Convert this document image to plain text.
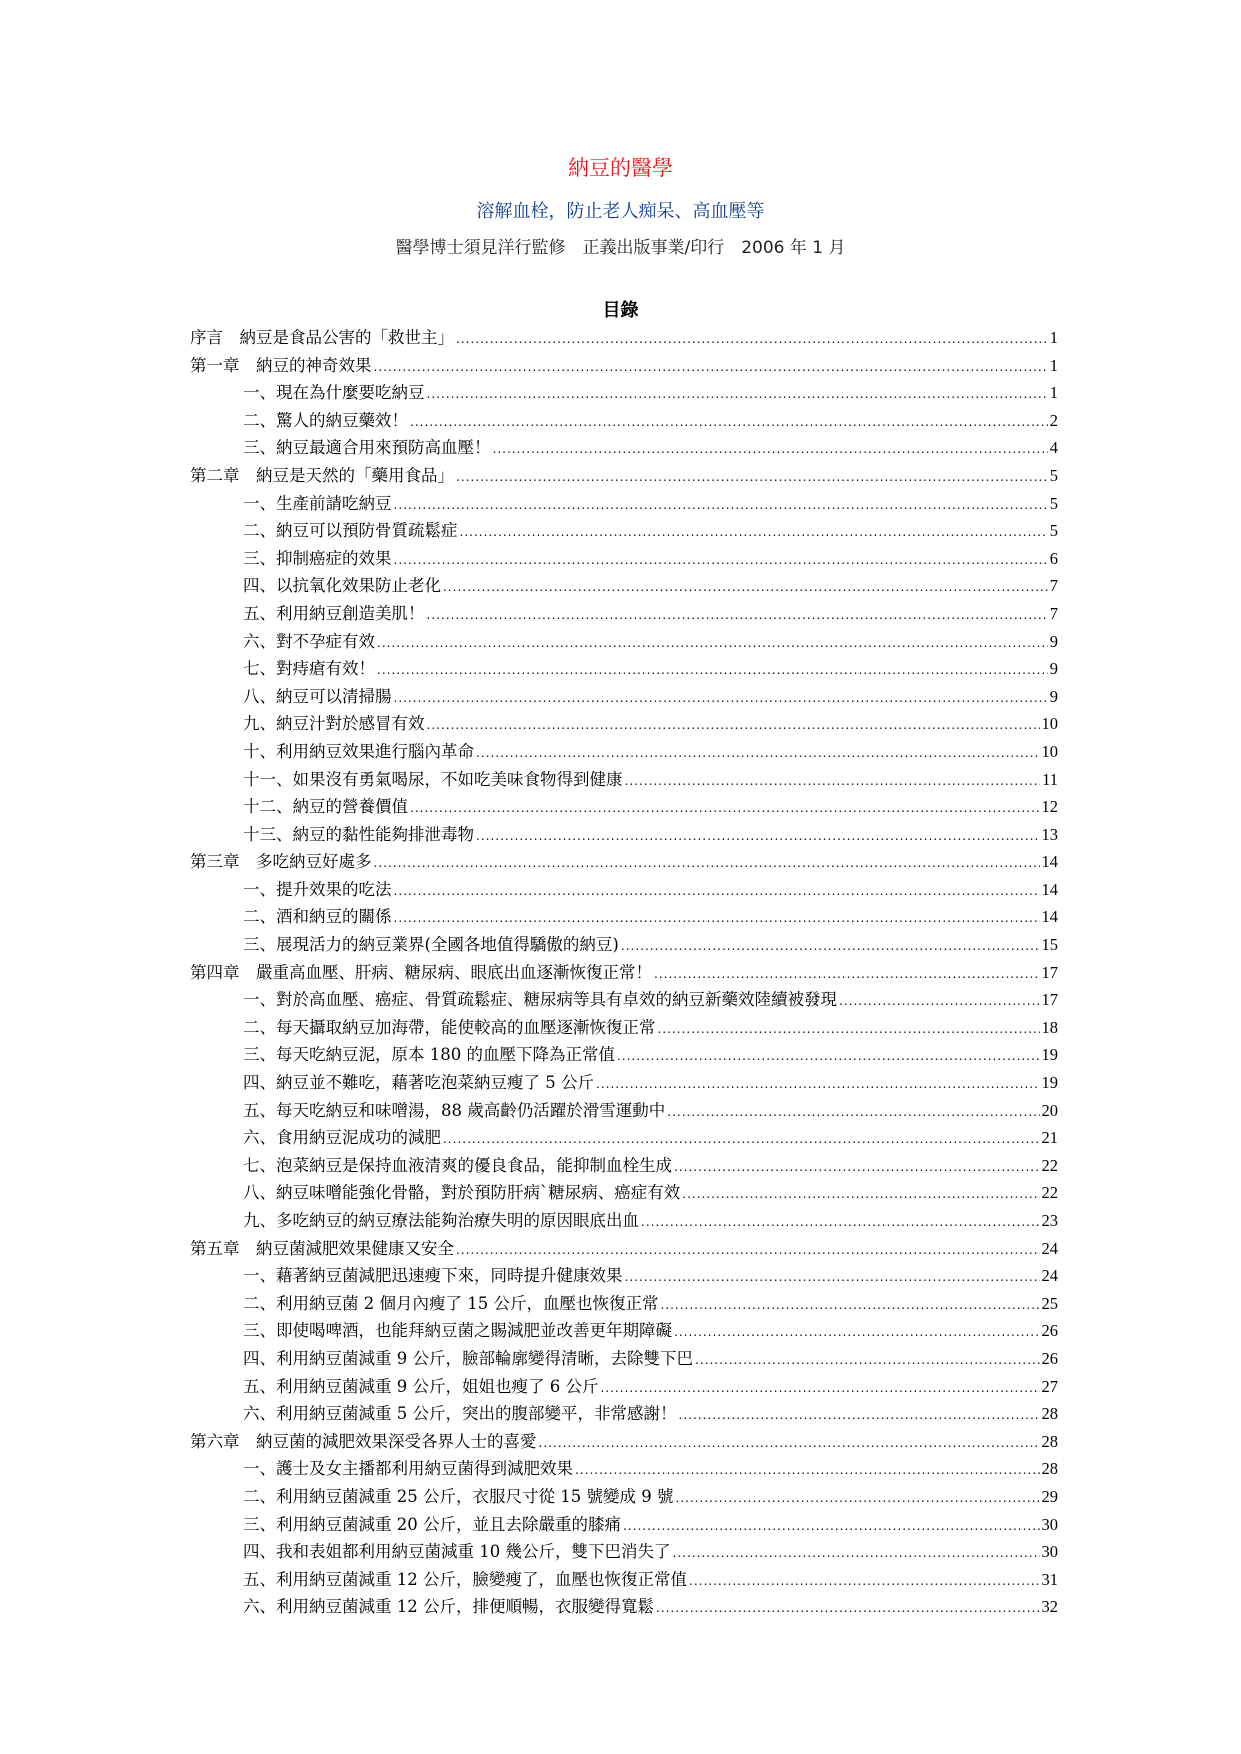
納豆的醫學
溶解血栓，防止老人痴呆、高血壓等
醫學博士須見洋行監修　正義出版事業/印行　2006 年 1 月
目錄
序言　納豆是食品公害的「救世主」 .....	1
第一章　納豆的神奇效果 .....	1
一、現在為什麼要吃納豆 .....	1
二、驚人的納豆藥效！ .....	2
三、納豆最適合用來預防高血壓！ .....	4
第二章　納豆是天然的「藥用食品」 .....	5
一、生產前請吃納豆 .....	5
二、納豆可以預防骨質疏鬆症 .....	5
三、抑制癌症的效果 .....	6
四、以抗氧化效果防止老化 .....	7
五、利用納豆創造美肌！ .....	7
六、對不孕症有效 .....	9
七、對痔瘡有效！ .....	9
八、納豆可以清掃腸 .....	9
九、納豆汁對於感冒有效 .....	10
十、利用納豆效果進行腦內革命 .....	10
十一、如果沒有勇氣喝尿，不如吃美味食物得到健康 .....	11
十二、納豆的營養價值 .....	12
十三、納豆的黏性能夠排泄毒物 .....	13
第三章　多吃納豆好處多 .....	14
一、提升效果的吃法 .....	14
二、酒和納豆的關係 .....	14
三、展現活力的納豆業界(全國各地值得驕傲的納豆) .....	15
第四章　嚴重高血壓、肝病、糖尿病、眼底出血逐漸恢復正常！ .....	17
一、對於高血壓、癌症、骨質疏鬆症、糖尿病等具有卓效的納豆新藥效陸續被發現 .....	17
二、每天攝取納豆加海帶，能使較高的血壓逐漸恢復正常 .....	18
三、每天吃納豆泥，原本 180 的血壓下降為正常值 .....	19
四、納豆並不難吃，藉著吃泡菜納豆瘦了 5 公斤 .....	19
五、每天吃納豆和味噌湯，88 歲高齡仍活躍於滑雪運動中 .....	20
六、食用納豆泥成功的減肥 .....	21
七、泡菜納豆是保持血液清爽的優良食品，能抑制血栓生成 .....	22
八、納豆味噌能強化骨骼，對於預防肝病`糖尿病、癌症有效 .....	22
九、多吃納豆的納豆療法能夠治療失明的原因眼底出血 .....	23
第五章　納豆菌減肥效果健康又安全 .....	24
一、藉著納豆菌減肥迅速瘦下來，同時提升健康效果 .....	24
二、利用納豆菌 2 個月內瘦了 15 公斤，血壓也恢復正常 .....	25
三、即使喝啤酒，也能拜納豆菌之賜減肥並改善更年期障礙 .....	26
四、利用納豆菌減重 9 公斤，臉部輪廓變得清晰，去除雙下巴 .....	26
五、利用納豆菌減重 9 公斤，姐姐也瘦了 6 公斤 .....	27
六、利用納豆菌減重 5 公斤，突出的腹部變平，非常感謝！ .....	28
第六章　納豆菌的減肥效果深受各界人士的喜愛 .....	28
一、護士及女主播都利用納豆菌得到減肥效果 .....	28
二、利用納豆菌減重 25 公斤，衣服尺寸從 15 號變成 9 號 .....	29
三、利用納豆菌減重 20 公斤，並且去除嚴重的膝痛 .....	30
四、我和表姐都利用納豆菌減重 10 幾公斤，雙下巴消失了 .....	30
五、利用納豆菌減重 12 公斤，臉變瘦了，血壓也恢復正常值 .....	31
六、利用納豆菌減重 12 公斤，排便順暢，衣服變得寬鬆 .....	32
